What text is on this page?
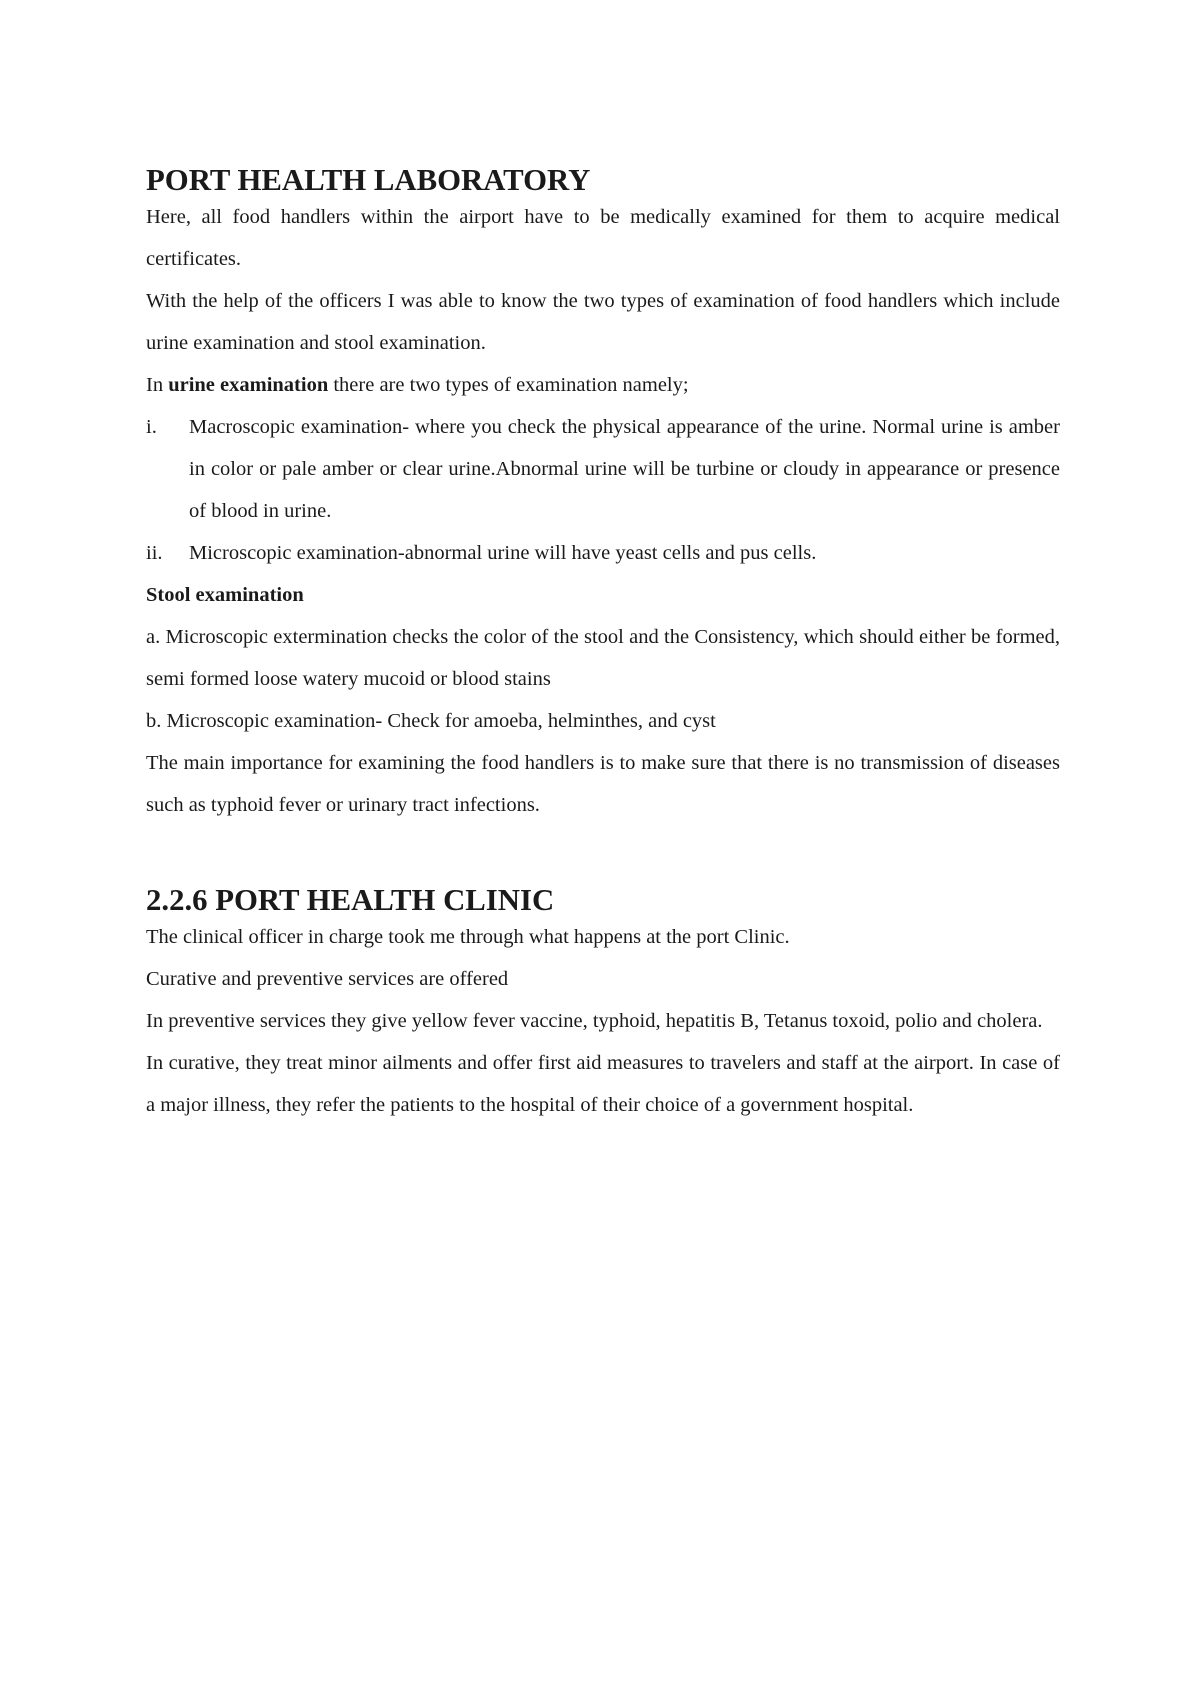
PORT HEALTH LABORATORY

Here, all food handlers within the airport have to be medically examined for them to acquire medical certificates.

With the help of the officers I was able to know the two types of examination of food handlers which include urine examination and stool examination.

In urine examination there are two types of examination namely;

i. Macroscopic examination- where you check the physical appearance of the urine. Normal urine is amber in color or pale amber or clear urine.Abnormal urine will be turbine or cloudy in appearance or presence of blood in urine.
ii. Microscopic examination-abnormal urine will have yeast cells and pus cells.

Stool examination

a. Microscopic extermination checks the color of the stool and the Consistency, which should either be formed, semi formed loose watery mucoid or blood stains

b. Microscopic examination- Check for amoeba, helminthes, and cyst

The main importance for examining the food handlers is to make sure that there is no transmission of diseases such as typhoid fever or urinary tract infections.

2.2.6 PORT HEALTH CLINIC

The clinical officer in charge took me through what happens at the port Clinic.

Curative and preventive services are offered

In preventive services they give yellow fever vaccine, typhoid, hepatitis B, Tetanus toxoid, polio and cholera.

In curative, they treat minor ailments and offer first aid measures to travelers and staff at the airport. In case of a major illness, they refer the patients to the hospital of their choice of a government hospital.
